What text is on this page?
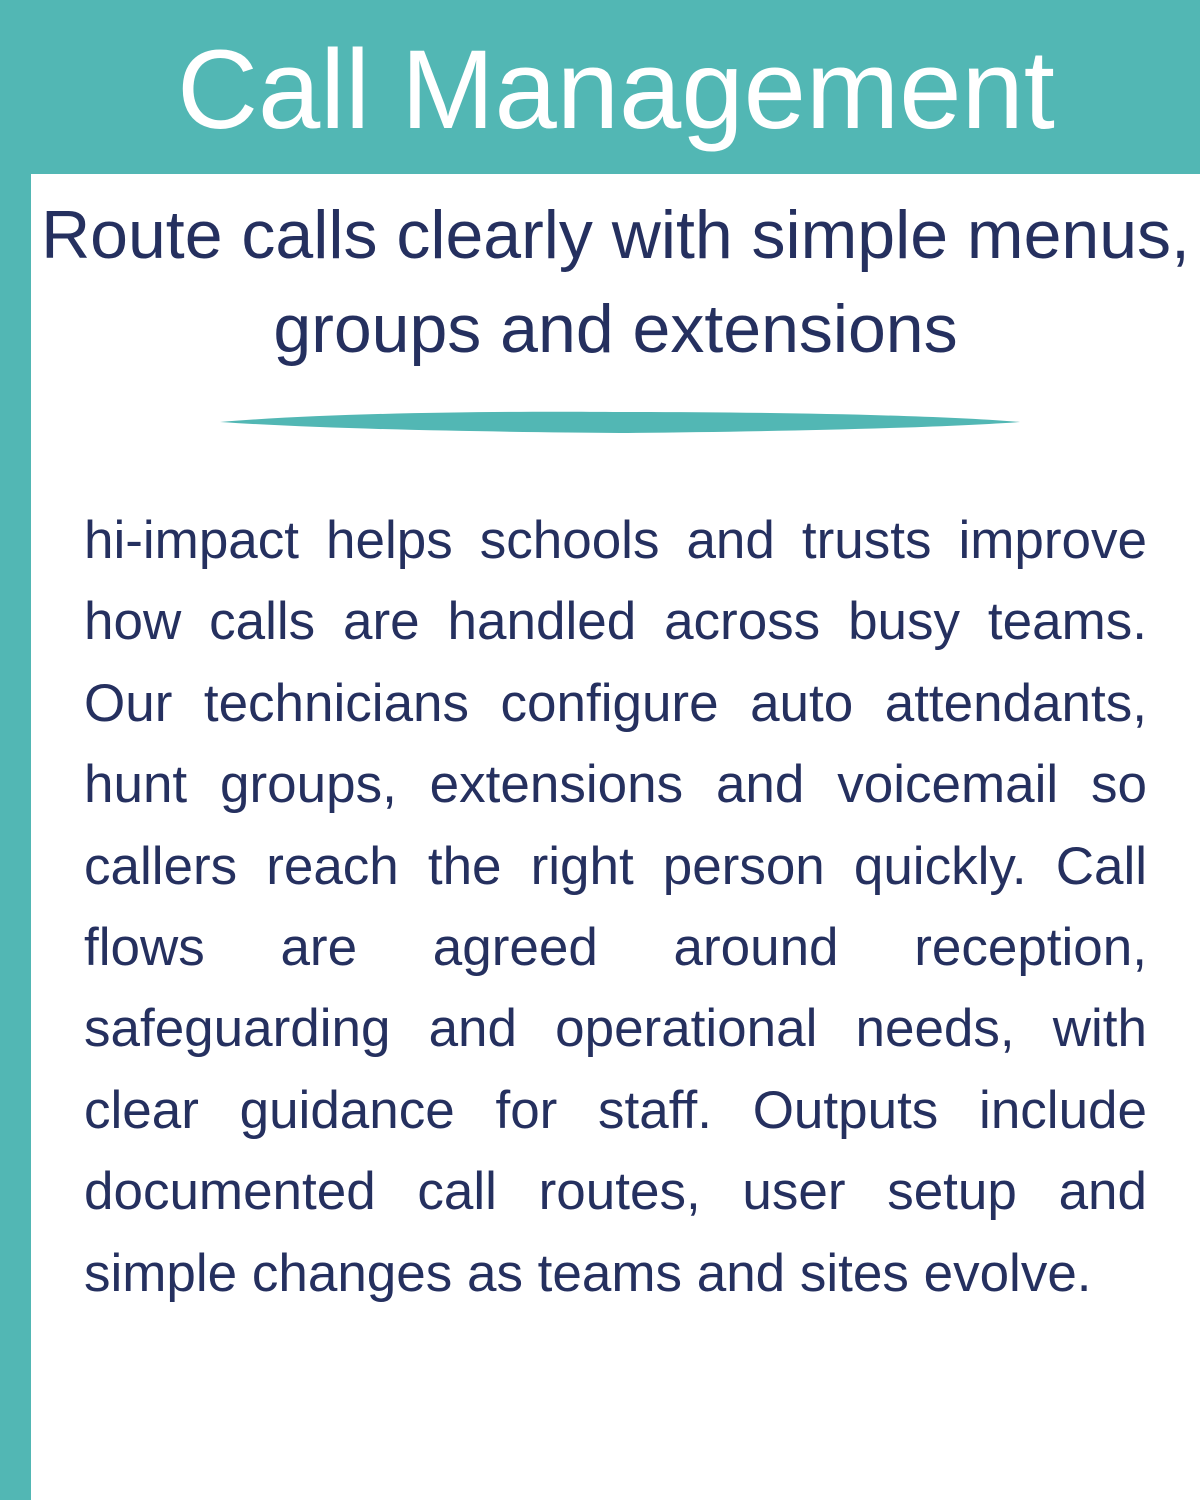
Call Management
Route calls clearly with simple menus, groups and extensions

hi-impact helps schools and trusts improve how calls are handled across busy teams. Our technicians configure auto attendants, hunt groups, extensions and voicemail so callers reach the right person quickly. Call flows are agreed around reception, safeguarding and operational needs, with clear guidance for staff. Outputs include documented call routes, user setup and simple changes as teams and sites evolve.
